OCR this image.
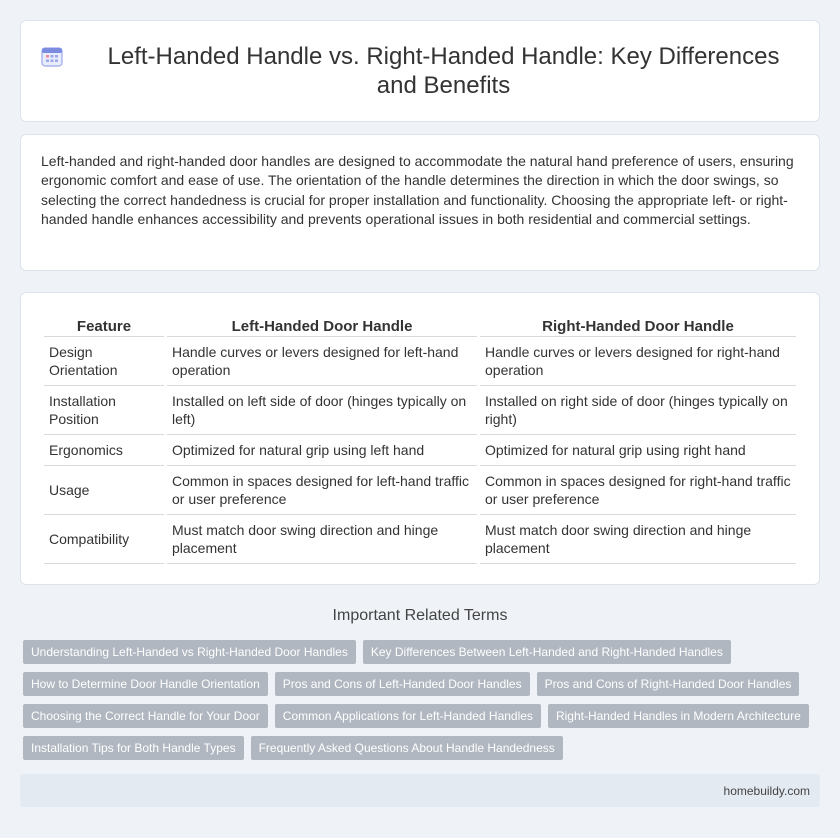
Left-Handed Handle vs. Right-Handed Handle: Key Differences and Benefits

Left-handed and right-handed door handles are designed to accommodate the natural hand preference of users, ensuring ergonomic comfort and ease of use. The orientation of the handle determines the direction in which the door swings, so selecting the correct handedness is crucial for proper installation and functionality. Choosing the appropriate left- or right-handed handle enhances accessibility and prevents operational issues in both residential and commercial settings.

Feature	Left-Handed Door Handle	Right-Handed Door Handle
Design Orientation	Handle curves or levers designed for left-hand operation	Handle curves or levers designed for right-hand operation
Installation Position	Installed on left side of door (hinges typically on left)	Installed on right side of door (hinges typically on right)
Ergonomics	Optimized for natural grip using left hand	Optimized for natural grip using right hand
Usage	Common in spaces designed for left-hand traffic or user preference	Common in spaces designed for right-hand traffic or user preference
Compatibility	Must match door swing direction and hinge placement	Must match door swing direction and hinge placement
Important Related Terms
Understanding Left-Handed vs Right-Handed Door Handles	Key Differences Between Left-Handed and Right-Handed Handles
How to Determine Door Handle Orientation	Pros and Cons of Left-Handed Door Handles	Pros and Cons of Right-Handed Door Handles
Choosing the Correct Handle for Your Door	Common Applications for Left-Handed Handles	Right-Handed Handles in Modern Architecture
Installation Tips for Both Handle Types	Frequently Asked Questions About Handle Handedness
homebuildy.com
